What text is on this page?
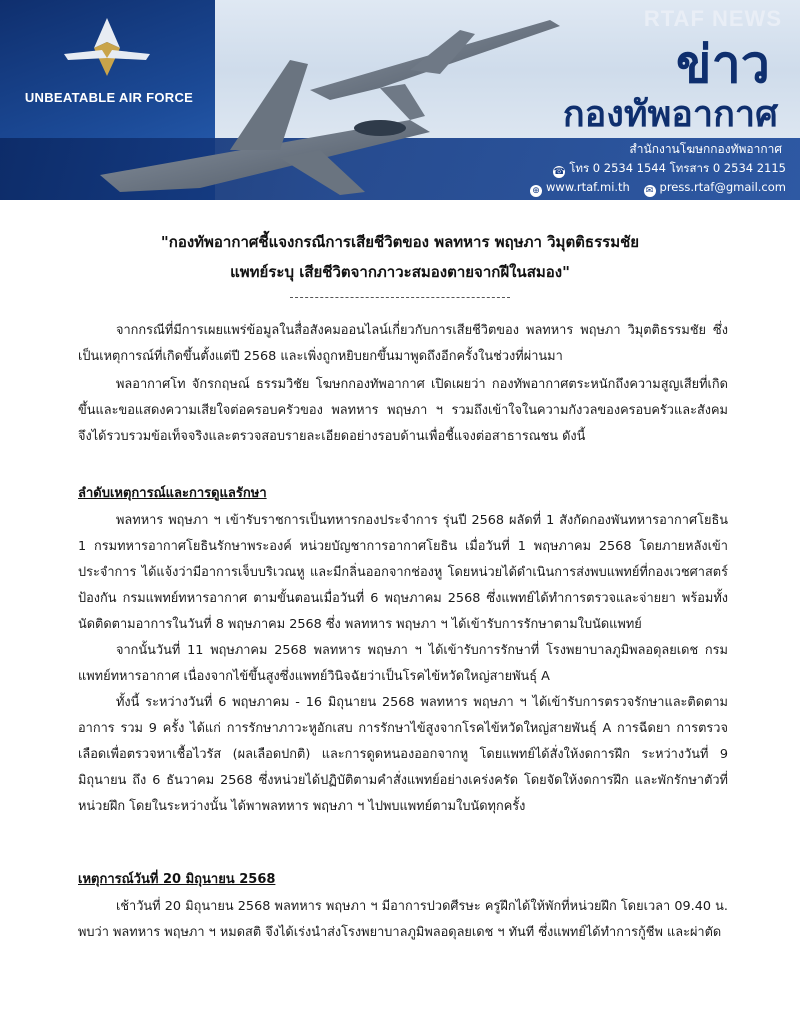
UNBEATABLE AIR FORCE
RTAF NEWS
ข่าว
กองทัพอากาศ
สำนักงานโฆษกกองทัพอากาศ
☎ โทร 0 2534 1544 โทรสาร 0 2534 2115
⊕ www.rtaf.mi.th ✉ press.rtaf@gmail.com
"กองทัพอากาศชี้แจงกรณีการเสียชีวิตของ พลทหาร พฤษภา วิมุตติธรรมชัย
แพทย์ระบุ เสียชีวิตจากภาวะสมองตายจากฝีในสมอง"
จากกรณีที่มีการเผยแพร่ข้อมูลในสื่อสังคมออนไลน์เกี่ยวกับการเสียชีวิตของ พลทหาร พฤษภา วิมุตติธรรมชัย ซึ่งเป็นเหตุการณ์ที่เกิดขึ้นตั้งแต่ปี 2568 และเพิ่งถูกหยิบยกขึ้นมาพูดถึงอีกครั้งในช่วงที่ผ่านมา
พลอากาศโท จักรกฤษณ์ ธรรมวิชัย โฆษกกองทัพอากาศ เปิดเผยว่า กองทัพอากาศตระหนักถึงความสูญเสียที่เกิดขึ้นและขอแสดงความเสียใจต่อครอบครัวของ พลทหาร พฤษภา ฯ รวมถึงเข้าใจในความกังวลของครอบครัวและสังคม จึงได้รวบรวมข้อเท็จจริงและตรวจสอบรายละเอียดอย่างรอบด้านเพื่อชี้แจงต่อสาธารณชน ดังนี้
ลำดับเหตุการณ์และการดูแลรักษา
พลทหาร พฤษภา ฯ เข้ารับราชการเป็นทหารกองประจำการ รุ่นปี 2568 ผลัดที่ 1 สังกัดกองพันทหารอากาศโยธิน 1 กรมทหารอากาศโยธินรักษาพระองค์ หน่วยบัญชาการอากาศโยธิน เมื่อวันที่ 1 พฤษภาคม 2568 โดยภายหลังเข้าประจำการ ได้แจ้งว่ามีอาการเจ็บบริเวณหู และมีกลิ่นออกจากช่องหู โดยหน่วยได้ดำเนินการส่งพบแพทย์ที่กองเวชศาสตร์ป้องกัน กรมแพทย์ทหารอากาศ ตามขั้นตอนเมื่อวันที่ 6 พฤษภาคม 2568 ซึ่งแพทย์ได้ทำการตรวจและจ่ายยา พร้อมทั้งนัดติดตามอาการในวันที่ 8 พฤษภาคม 2568 ซึ่ง พลทหาร พฤษภา ฯ ได้เข้ารับการรักษาตามใบนัดแพทย์
จากนั้นวันที่ 11 พฤษภาคม 2568 พลทหาร พฤษภา ฯ ได้เข้ารับการรักษาที่ โรงพยาบาลภูมิพลอดุลยเดช กรมแพทย์ทหารอากาศ เนื่องจากไข้ขึ้นสูงซึ่งแพทย์วินิจฉัยว่าเป็นโรคไข้หวัดใหญ่สายพันธุ์ A
ทั้งนี้ ระหว่างวันที่ 6 พฤษภาคม - 16 มิถุนายน 2568 พลทหาร พฤษภา ฯ ได้เข้ารับการตรวจรักษาและติดตามอาการ รวม 9 ครั้ง ได้แก่ การรักษาภาวะหูอักเสบ การรักษาไข้สูงจากโรคไข้หวัดใหญ่สายพันธุ์ A การฉีดยา การตรวจเลือดเพื่อตรวจหาเชื้อไวรัส (ผลเลือดปกติ) และการดูดหนองออกจากหู โดยแพทย์ได้สั่งให้งดการฝึก ระหว่างวันที่ 9 มิถุนายน ถึง 6 ธันวาคม 2568 ซึ่งหน่วยได้ปฏิบัติตามคำสั่งแพทย์อย่างเคร่งครัด โดยจัดให้งดการฝึก และพักรักษาตัวที่หน่วยฝึก โดยในระหว่างนั้น ได้พาพลทหาร พฤษภา ฯ ไปพบแพทย์ตามใบนัดทุกครั้ง
เหตุการณ์วันที่ 20 มิถุนายน 2568
เช้าวันที่ 20 มิถุนายน 2568 พลทหาร พฤษภา ฯ มีอาการปวดศีรษะ ครูฝึกได้ให้พักที่หน่วยฝึก โดยเวลา 09.40 น. พบว่า พลทหาร พฤษภา ฯ หมดสติ จึงได้เร่งนำส่งโรงพยาบาลภูมิพลอดุลยเดช ฯ ทันที ซึ่งแพทย์ได้ทำการกู้ชีพ และผ่าตัด
